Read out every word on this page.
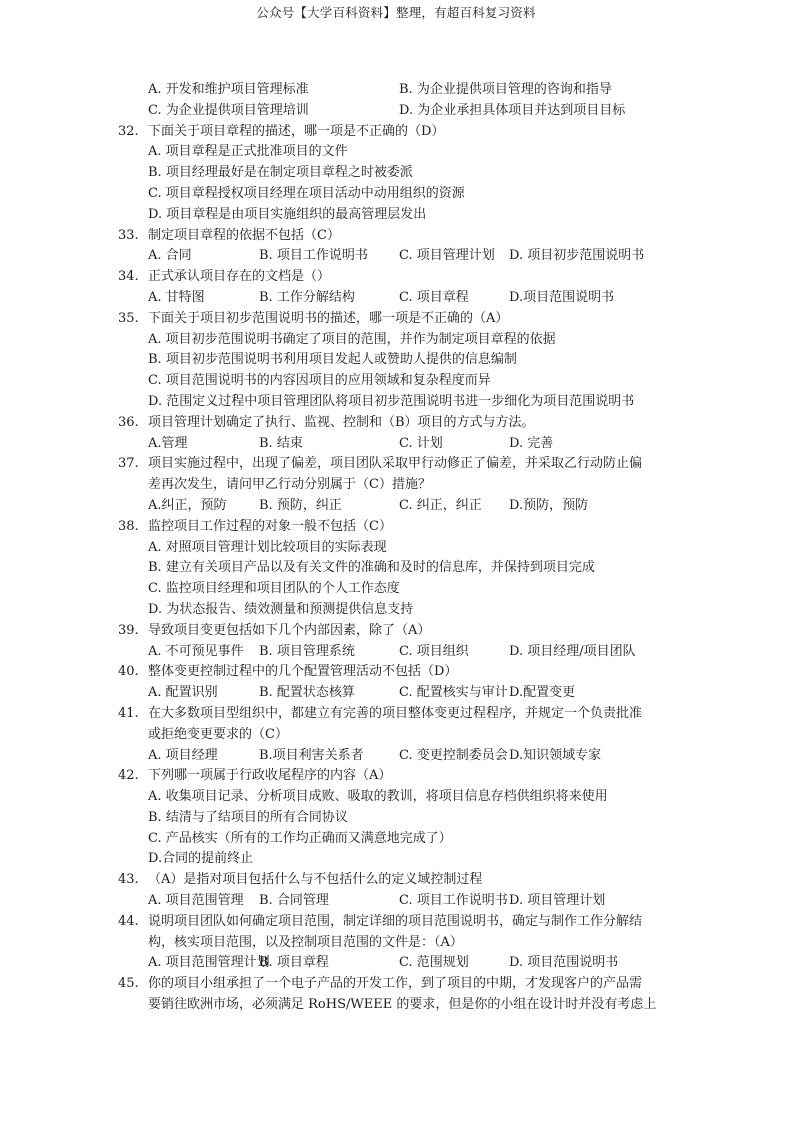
公众号【大学百科资料】整理，有超百科复习资料
A. 开发和维护项目管理标准	B. 为企业提供项目管理的咨询和指导
C. 为企业提供项目管理培训	D. 为企业承担具体项目并达到项目目标
32. 下面关于项目章程的描述，哪一项是不正确的（D）
A. 项目章程是正式批准项目的文件
B. 项目经理最好是在制定项目章程之时被委派
C. 项目章程授权项目经理在项目活动中动用组织的资源
D. 项目章程是由项目实施组织的最高管理层发出
33. 制定项目章程的依据不包括（C）
A. 合同	B. 项目工作说明书 C. 项目管理计划 D. 项目初步范围说明书
34. 正式承认项目存在的文档是（）
A. 甘特图	B. 工作分解结构	C. 项目章程	D.项目范围说明书
35. 下面关于项目初步范围说明书的描述，哪一项是不正确的（A）
A. 项目初步范围说明书确定了项目的范围，并作为制定项目章程的依据
B. 项目初步范围说明书利用项目发起人或赞助人提供的信息编制
C. 项目范围说明书的内容因项目的应用领域和复杂程度而异
D. 范围定义过程中项目管理团队将项目初步范围说明书进一步细化为项目范围说明书
36. 项目管理计划确定了执行、监视、控制和（B）项目的方式与方法。
A.管理	B. 结束	C. 计划	D. 完善
37. 项目实施过程中，出现了偏差，项目团队采取甲行动修正了偏差，并采取乙行动防止偏
差再次发生，请问甲乙行动分别属于（C）措施？
A.纠正，预防 B. 预防，纠正	C. 纠正，纠正 D.预防，预防
38. 监控项目工作过程的对象一般不包括（C）
A. 对照项目管理计划比较项目的实际表现
B. 建立有关项目产品以及有关文件的准确和及时的信息库，并保持到项目完成
C. 监控项目经理和项目团队的个人工作态度
D. 为状态报告、绩效测量和预测提供信息支持
39. 导致项目变更包括如下几个内部因素，除了（A）
A. 不可预见事件 B. 项目管理系统	C. 项目组织	D. 项目经理/项目团队
40. 整体变更控制过程中的几个配置管理活动不包括（D）
A. 配置识别	B. 配置状态核算	C. 配置核实与审计 D.配置变更
41. 在大多数项目型组织中，都建立有完善的项目整体变更过程程序，并规定一个负责批准
或拒绝变更要求的（C）
A. 项目经理	B.项目利害关系者	C. 变更控制委员会 D.知识领域专家
42. 下列哪一项属于行政收尾程序的内容（A）
A. 收集项目记录、分析项目成败、吸取的教训，将项目信息存档供组织将来使用
B. 结清与了结项目的所有合同协议
C. 产品核实（所有的工作均正确而又满意地完成了）
D.合同的提前终止
43. （A）是指对项目包括什么与不包括什么的定义域控制过程
A. 项目范围管理 B. 合同管理	C. 项目工作说明书 D. 项目管理计划
44. 说明项目团队如何确定项目范围，制定详细的项目范围说明书，确定与制作工作分解结
构，核实项目范围，以及控制项目范围的文件是：（A）
A. 项目范围管理计划
B. 项目章程	C. 范围规划	D. 项目范围说明书
45. 你的项目小组承担了一个电子产品的开发工作，到了项目的中期，才发现客户的产品需
要销往欧洲市场，必须满足 RoHS/WEEE 的要求，但是你的小组在设计时并没有考虑上
